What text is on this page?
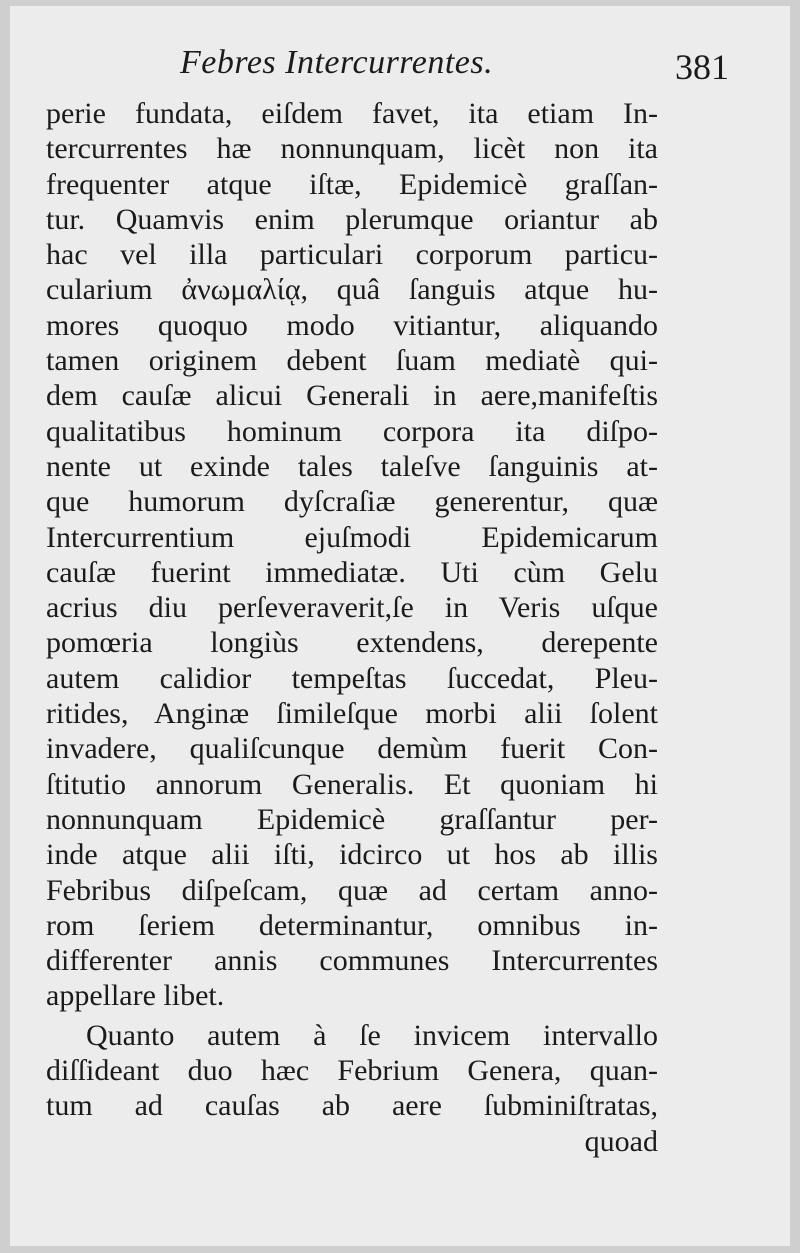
Febres Intercurrentes.	381
perie fundata, eiſdem favet, ita etiam In-
tercurrentes hæ nonnunquam, licèt non ita
frequenter atque iſtæ, Epidemicè graſſan-
tur. Quamvis enim plerumque oriantur ab
hac vel illa particulari corporum particu-
cularium ἀνωμαλίᾳ, quâ ſanguis atque hu-
mores quoquo modo vitiantur, aliquando
tamen originem debent ſuam mediatè qui-
dem cauſæ alicui Generali in aere,manifeſtis
qualitatibus hominum corpora ita diſpo-
nente ut exinde tales taleſve ſanguinis at-
que humorum dyſcraſiæ generentur, quæ
Intercurrentium ejuſmodi Epidemicarum
cauſæ fuerint immediatæ. Uti cùm Gelu
acrius diu perſeveraverit,ſe in Veris uſque
pomœria longiùs extendens, derepente
autem calidior tempeſtas ſuccedat, Pleu-
ritides, Anginæ ſimileſque morbi alii ſolent
invadere, qualiſcunque demùm fuerit Con-
ſtitutio annorum Generalis. Et quoniam hi
nonnunquam Epidemicè graſſantur per-
inde atque alii iſti, idcirco ut hos ab illis
Febribus diſpeſcam, quæ ad certam anno-
rom ſeriem determinantur, omnibus in-
differenter annis communes Intercurrentes
appellare libet.
Quanto autem à ſe invicem intervallo
diſſideant duo hæc Febrium Genera, quan-
tum ad cauſas ab aere ſubminiſtratas,
quoad
